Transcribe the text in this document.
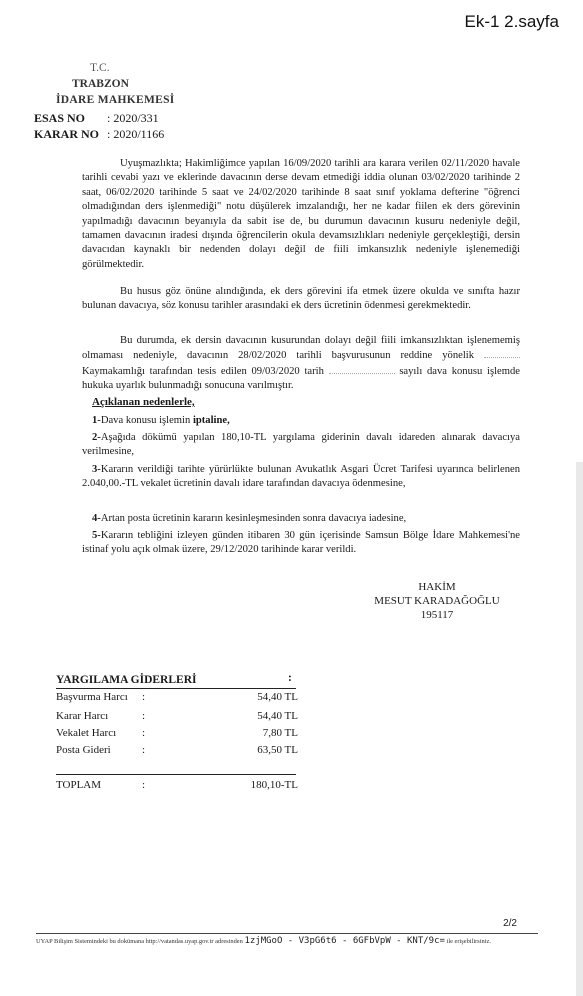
Ek-1 2.sayfa
T.C.
TRABZON
İDARE MAHKEMESİ
ESAS NO : 2020/331
KARAR NO : 2020/1166
Uyuşmazlıkta; Hakimliğimce yapılan 16/09/2020 tarihli ara karara verilen 02/11/2020 havale tarihli cevabi yazı ve eklerinde davacının derse devam etmediği iddia olunan 03/02/2020 tarihinde 2 saat, 06/02/2020 tarihinde 5 saat ve 24/02/2020 tarihinde 8 saat sınıf yoklama defterine "öğrenci olmadığından ders işlenmediği" notu düşülerek imzalandığı, her ne kadar fiilen ek ders görevinin yapılmadığı davacının beyanıyla da sabit ise de, bu durumun davacının kusuru nedeniyle değil, tamamen davacının iradesi dışında öğrencilerin okula devamsızlıkları nedeniyle gerçekleştiği, dersin davacıdan kaynaklı bir nedenden dolayı değil de fiili imkansızlık nedeniyle işlenemediği görülmektedir.
Bu husus göz önüne alındığında, ek ders görevini ifa etmek üzere okulda ve sınıfta hazır bulunan davacıya, söz konusu tarihler arasındaki ek ders ücretinin ödenmesi gerekmektedir.
Bu durumda, ek dersin davacının kusurundan dolayı değil fiili imkansızlıktan işlenememiş olmaması nedeniyle, davacının 28/02/2020 tarihli başvurusunun reddine yönelik  Kaymakamlığı tarafından tesis edilen 09/03/2020 tarih	sayılı dava konusu işlemde hukuka uyarlık bulunmadığı sonucuna varılmıştır.
Açıklanan nedenlerle,
1-Dava konusu işlemin iptaline,
2-Aşağıda dökümü yapılan 180,10-TL yargılama giderinin davalı idareden alınarak davacıya verilmesine,
3-Kararın verildiği tarihte yürürlükte bulunan Avukatlık Asgari Ücret Tarifesi uyarınca belirlenen 2.040,00.-TL vekalet ücretinin davalı idare tarafından davacıya ödenmesine,
4-Artan posta ücretinin kararın kesinleşmesinden sonra davacıya iadesine,
5-Kararın tebliğini izleyen günden itibaren 30 gün içerisinde Samsun Bölge İdare Mahkemesi'ne istinaf yolu açık olmak üzere, 29/12/2020 tarihinde karar verildi.
HAKİM
MESUT KARADAĞOĞLU
195117
YARGILAMA GİDERLERİ	:
Başvurma Harcı :	54,40 TL
Karar Harcı	:	54,40 TL
Vekalet Harcı :	7,80 TL
Posta Gideri	:	63,50 TL
TOPLAM	:	180,10-TL
2/2
UYAP Bilişim Sistemindeki bu dokümana http://vatandas.uyap.gov.tr adresinden 1zjMGoO - V3pG6t6 - 6GFbVpW - KNT/9c= ile erişebilirsiniz.
